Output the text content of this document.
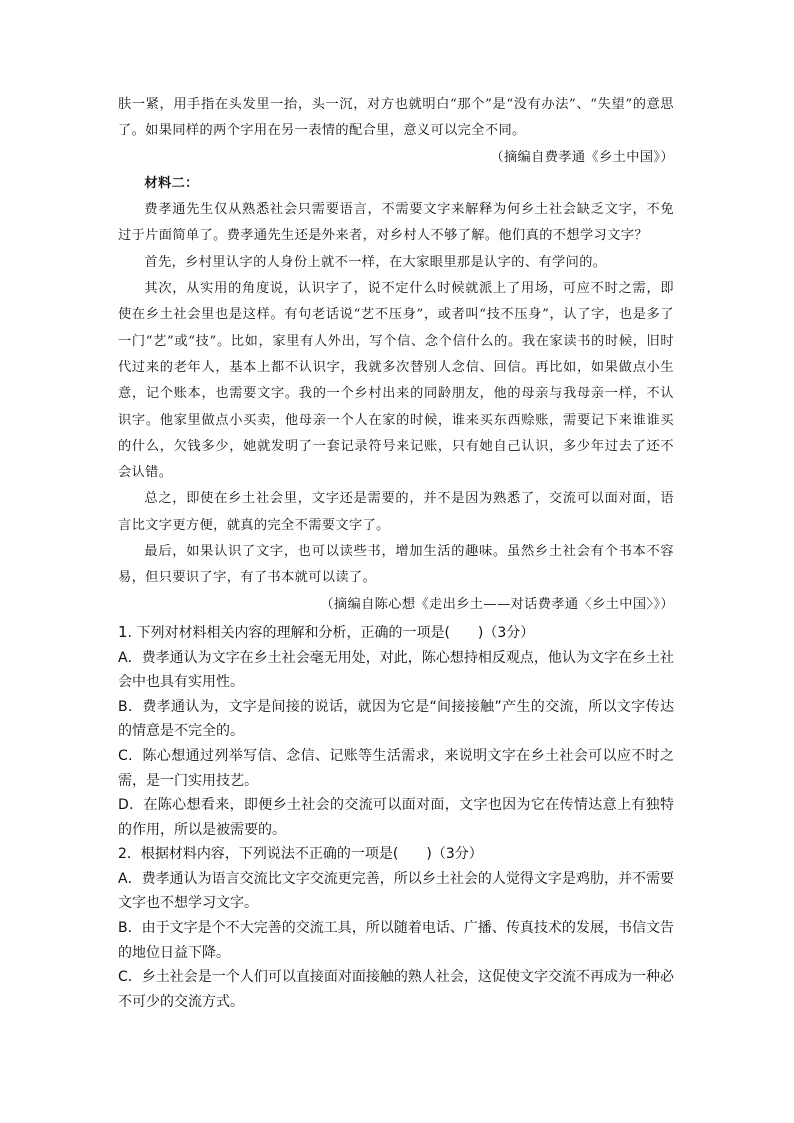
肤一紧，用手指在头发里一抬，头一沉，对方也就明白“那个”是“没有办法”、“失望”的意思了。如果同样的两个字用在另一表情的配合里，意义可以完全不同。

（摘编自费孝通《乡土中国》）

材料二：

费孝通先生仅从熟悉社会只需要语言，不需要文字来解释为何乡土社会缺乏文字，不免过于片面简单了。费孝通先生还是外来者，对乡村人不够了解。他们真的不想学习文字？

首先，乡村里认字的人身份上就不一样，在大家眼里那是认字的、有学问的。

其次，从实用的角度说，认识字了，说不定什么时候就派上了用场，可应不时之需，即使在乡土社会里也是这样。有句老话说“艺不压身”，或者叫“技不压身”，认了字，也是多了一门“艺”或“技”。比如，家里有人外出，写个信、念个信什么的。我在家读书的时候，旧时代过来的老年人，基本上都不认识字，我就多次替别人念信、回信。再比如，如果做点小生意，记个账本，也需要文字。我的一个乡村出来的同龄朋友，他的母亲与我母亲一样，不认识字。他家里做点小买卖，他母亲一个人在家的时候，谁来买东西赊账，需要记下来谁谁买的什么，欠钱多少，她就发明了一套记录符号来记账，只有她自己认识，多少年过去了还不会认错。

总之，即使在乡土社会里，文字还是需要的，并不是因为熟悉了，交流可以面对面，语言比文字更方便，就真的完全不需要文字了。

最后，如果认识了文字，也可以读些书，增加生活的趣味。虽然乡土社会有个书本不容易，但只要识了字，有了书本就可以读了。

（摘编自陈心想《走出乡土——对话费孝通〈乡土中国〉》）

1. 下列对材料相关内容的理解和分析，正确的一项是(　　)（3分）

A．费孝通认为文字在乡土社会毫无用处，对此，陈心想持相反观点，他认为文字在乡土社会中也具有实用性。

B．费孝通认为，文字是间接的说话，就因为它是“间接接触”产生的交流，所以文字传达的情意是不完全的。

C．陈心想通过列举写信、念信、记账等生活需求，来说明文字在乡土社会可以应不时之需，是一门实用技艺。

D．在陈心想看来，即便乡土社会的交流可以面对面，文字也因为它在传情达意上有独特的作用，所以是被需要的。

2．根据材料内容，下列说法不正确的一项是(　　)（3分）

A．费孝通认为语言交流比文字交流更完善，所以乡土社会的人觉得文字是鸡肋，并不需要文字也不想学习文字。

B．由于文字是个不大完善的交流工具，所以随着电话、广播、传真技术的发展，书信文告的地位日益下降。

C．乡土社会是一个人们可以直接面对面接触的熟人社会，这促使文字交流不再成为一种必不可少的交流方式。
